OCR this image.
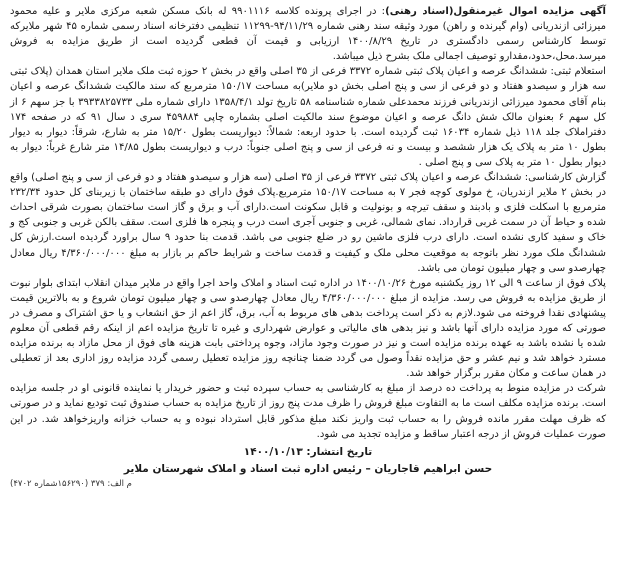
آگهی مزایده اموال غیرمنقول(اسناد رهنی): در اجرای پرونده کلاسه ۹۹۰۱۱۱۶ له بانک مسکن شعبه مرکزی ملایر و علیه محمود میرزائی ازندریانی (وام گیرنده و راهن) مورد وثیقه سند رهنی شماره ۹۴/۱۱/۲۹-۱۱۲۹۹ تنظیمی دفترخانه اسناد رسمی شماره ۴۵ شهر ملایرکه توسط کارشناس رسمی دادگستری در تاریخ ۱۴۰۰/۸/۲۹ ارزیابی و قیمت آن قطعی گردیده است از طریق مزایده به فروش میرسد.محل،حدود،مقدارو توصیف اجمالی ملک بشرح ذیل میباشد.

استعلام ثبتی: ششدانگ عرصه و اعیان پلاک ثبتی شماره ۳۳۷۲ فرعی از ۳۵ اصلی واقع در بخش ۲ حوزه ثبت ملک ملایر استان همدان (پلاک ثبتی سه هزار و سیصدو هفتاد و دو فرعی از سی و پنج اصلی بخش دو ملایر)به مساحت ۱۵۰/۱۷ مترمربع که سند مالکیت ششدانگ عرصه و اعیان بنام آقای محمود میرزائی ازندریانی فرزند محمدعلی شماره شناسنامه ۵۸ تاریخ تولد ۱۳۵۸/۴/۱ دارای شماره ملی ۳۹۳۳۸۲۵۷۳۳ با جز سهم ۶ از کل سهم ۶ بعنوان مالک شش دانگ عرصه و اعیان موضوع سند مالکیت اصلی بشماره چاپی ۴۵۹۸۸۴ سری د سال ۹۱ که در صفحه ۱۷۴ دفتراملاک جلد ۱۱۸ ذیل شماره ۱۶۰۳۴ ثبت گردیده است. با حدود اربعه: شمالاً: دیواریست بطول ۱۵/۲۰ متر به شارع، شرقاً: دیوار به دیوار بطول ۱۰ متر به پلاک یک هزار ششصد و بیست و نه فرعی از سی و پنج اصلی جنوباً: درب و دیواریست بطول ۱۴/۸۵ متر شارع غرباً: دیوار به دیوار بطول ۱۰ متر به پلاک سی و پنج اصلی .

گزارش کارشناسی: ششدانگ عرصه و اعیان پلاک ثبتی ۳۳۷۲ فرعی از ۳۵ اصلی (سه هزار و سیصدو هفتاد و دو فرعی از سی و پنج اصلی) واقع در بخش ۲ ملایر ازندریان، خ مولوی کوچه فجر ۷ به مساحت ۱۵۰/۱۷ مترمربع.پلاک فوق دارای دو طبقه ساختمان با زیربنای کل حدود ۲۳۲/۳۴ مترمربع با اسکلت فلزی و بادبند و سقف تیرچه و بونولیت و قابل سکونت است.دارای آب و برق و گاز است ساختمان بصورت شرقی احداث شده و حیاط آن در سمت غربی قرارداد. نمای شمالی، غربی و جنوبی آجری است درب و پنجره ها فلزی است. سقف بالکن غربی و جنوبی کج و خاک و سفید کاری نشده است. دارای درب فلزی ماشین رو در ضلع جنوبی می باشد. قدمت بنا حدود ۹ سال براورد گردیده است.ارزش کل ششدانگ ملک مورد نظر باتوجه به موقعیت محلی ملک و کیفیت و قدمت ساخت و شرایط حاکم بر بازار به مبلغ ۴/۳۶۰/۰۰۰/۰۰۰ ریال معادل چهارصدو سی و چهار میلیون تومان می باشد.

پلاک فوق از ساعت ۹ الی ۱۲ روز یکشنبه مورخ ۱۴۰۰/۱۰/۲۶ در اداره ثبت اسناد و املاک واحد اجرا واقع در ملایر میدان انقلاب ابتدای بلوار نبوت از طریق مزایده به فروش می رسد. مزایده از مبلغ ۴/۳۶۰/۰۰۰/۰۰۰ ریال معادل چهارصدو سی و چهار میلیون تومان شروع و به بالاترین قیمت پیشنهادی نقدا فروخته می شود.لازم به ذکر است پرداخت بدهی های مربوط به آب، برق، گاز اعم از حق انشعاب و یا حق اشتراک و مصرف در صورتی که مورد مزایده دارای آنها باشد و نیز بدهی های مالیاتی و عوارض شهرداری و غیره تا تاریخ مزایده اعم از اینکه رقم قطعی آن معلوم شده یا نشده باشد به عهده برنده مزایده است و نیز در صورت وجود مازاد، وجوه پرداختی بابت هزینه های فوق از محل مازاد به برنده مزایده مسترد خواهد شد و نیم عشر و حق مزایده نقداً وصول می گردد ضمنا چنانچه روز مزایده تعطیل رسمی گردد مزایده روز اداری بعد از تعطیلی در همان ساعت و مکان مقرر برگزار خواهد شد.

شرکت در مزایده منوط به پرداخت ده درصد از مبلغ به کارشناسی به حساب سپرده ثبت و حضور خریدار یا نماینده قانونی او در جلسه مزایده است. برنده مزایده مکلف است ما به التفاوت مبلغ فروش را ظرف مدت پنج روز از تاریخ مزایده به حساب صندوق ثبت توديع نمايد و در صورتی که ظرف مهلت مقرر مانده فروش را به حساب ثبت واریز نکند مبلغ مذکور قابل استرداد نبوده و به حساب خزانه واریزخواهد شد. در این صورت عملیات فروش از درجه اعتبار ساقط و مزایده تجدید می شود.

تاریخ انتشار: ۱۴۰۰/۱۰/۱۳
حسن ابراهیم قاجاریان – رئیس اداره ثبت اسناد و املاک شهرستان ملایر
م الف: ۳۷۹ (۱۵۶۲۹۰شماره ۴۷۰۲)
